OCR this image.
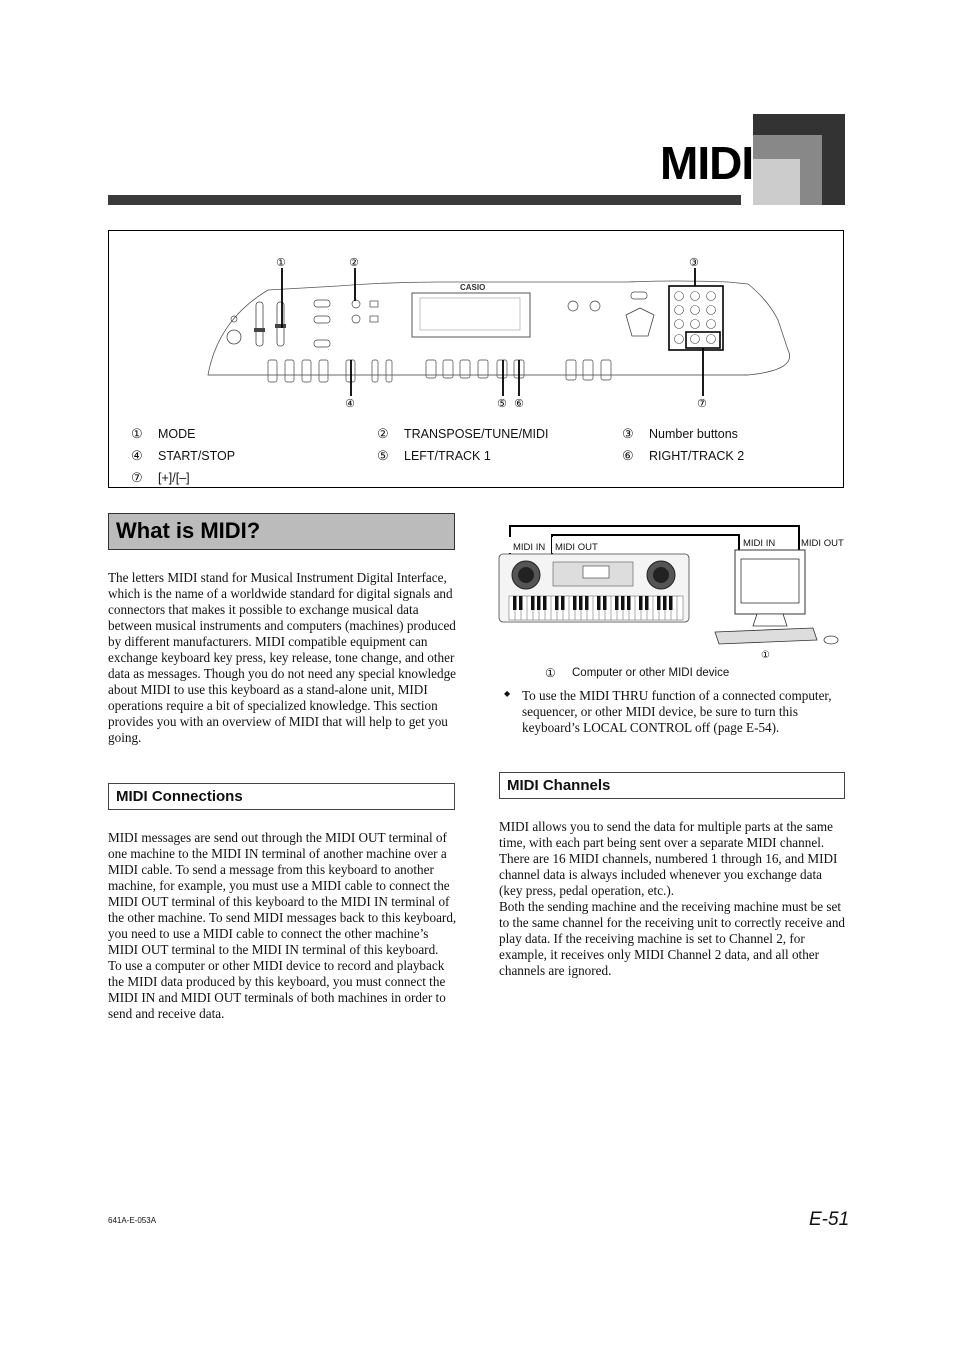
MIDI
CASIO
①	②	③
④	⑤ ⑥	⑦
① MODE	② TRANSPOSE/TUNE/MIDI	③ Number buttons
④ START/STOP	⑤ LEFT/TRACK 1	⑥ RIGHT/TRACK 2
⑦ [+]/[–]
What is MIDI?

The letters MIDI stand for Musical Instrument Digital Interface, which is the name of a worldwide standard for digital signals and connectors that makes it possible to exchange musical data between musical instruments and computers (machines) produced by different manufacturers. MIDI compatible equipment can exchange keyboard key press, key release, tone change, and other data as messages. Though you do not need any special knowledge about MIDI to use this keyboard as a stand-alone unit, MIDI operations require a bit of specialized knowledge. This section provides you with an overview of MIDI that will help to get you going.

①
MIDI IN MIDI OUT	MIDI IN	MIDI OUT
① Computer or other MIDI device
◆ To use the MIDI THRU function of a connected computer, sequencer, or other MIDI device, be sure to turn this keyboard’s LOCAL CONTROL off (page E-54).

MIDI Connections

MIDI messages are send out through the MIDI OUT terminal of one machine to the MIDI IN terminal of another machine over a MIDI cable. To send a message from this keyboard to another machine, for example, you must use a MIDI cable to connect the MIDI OUT terminal of this keyboard to the MIDI IN terminal of the other machine. To send MIDI messages back to this keyboard, you need to use a MIDI cable to connect the other machine’s MIDI OUT terminal to the MIDI IN terminal of this keyboard.

To use a computer or other MIDI device to record and playback the MIDI data produced by this keyboard, you must connect the MIDI IN and MIDI OUT terminals of both machines in order to send and receive data.

MIDI Channels

MIDI allows you to send the data for multiple parts at the same time, with each part being sent over a separate MIDI channel. There are 16 MIDI channels, numbered 1 through 16, and MIDI channel data is always included whenever you exchange data (key press, pedal operation, etc.).

Both the sending machine and the receiving machine must be set to the same channel for the receiving unit to correctly receive and play data. If the receiving machine is set to Channel 2, for example, it receives only MIDI Channel 2 data, and all other channels are ignored.

641A-E-053A	E-51
